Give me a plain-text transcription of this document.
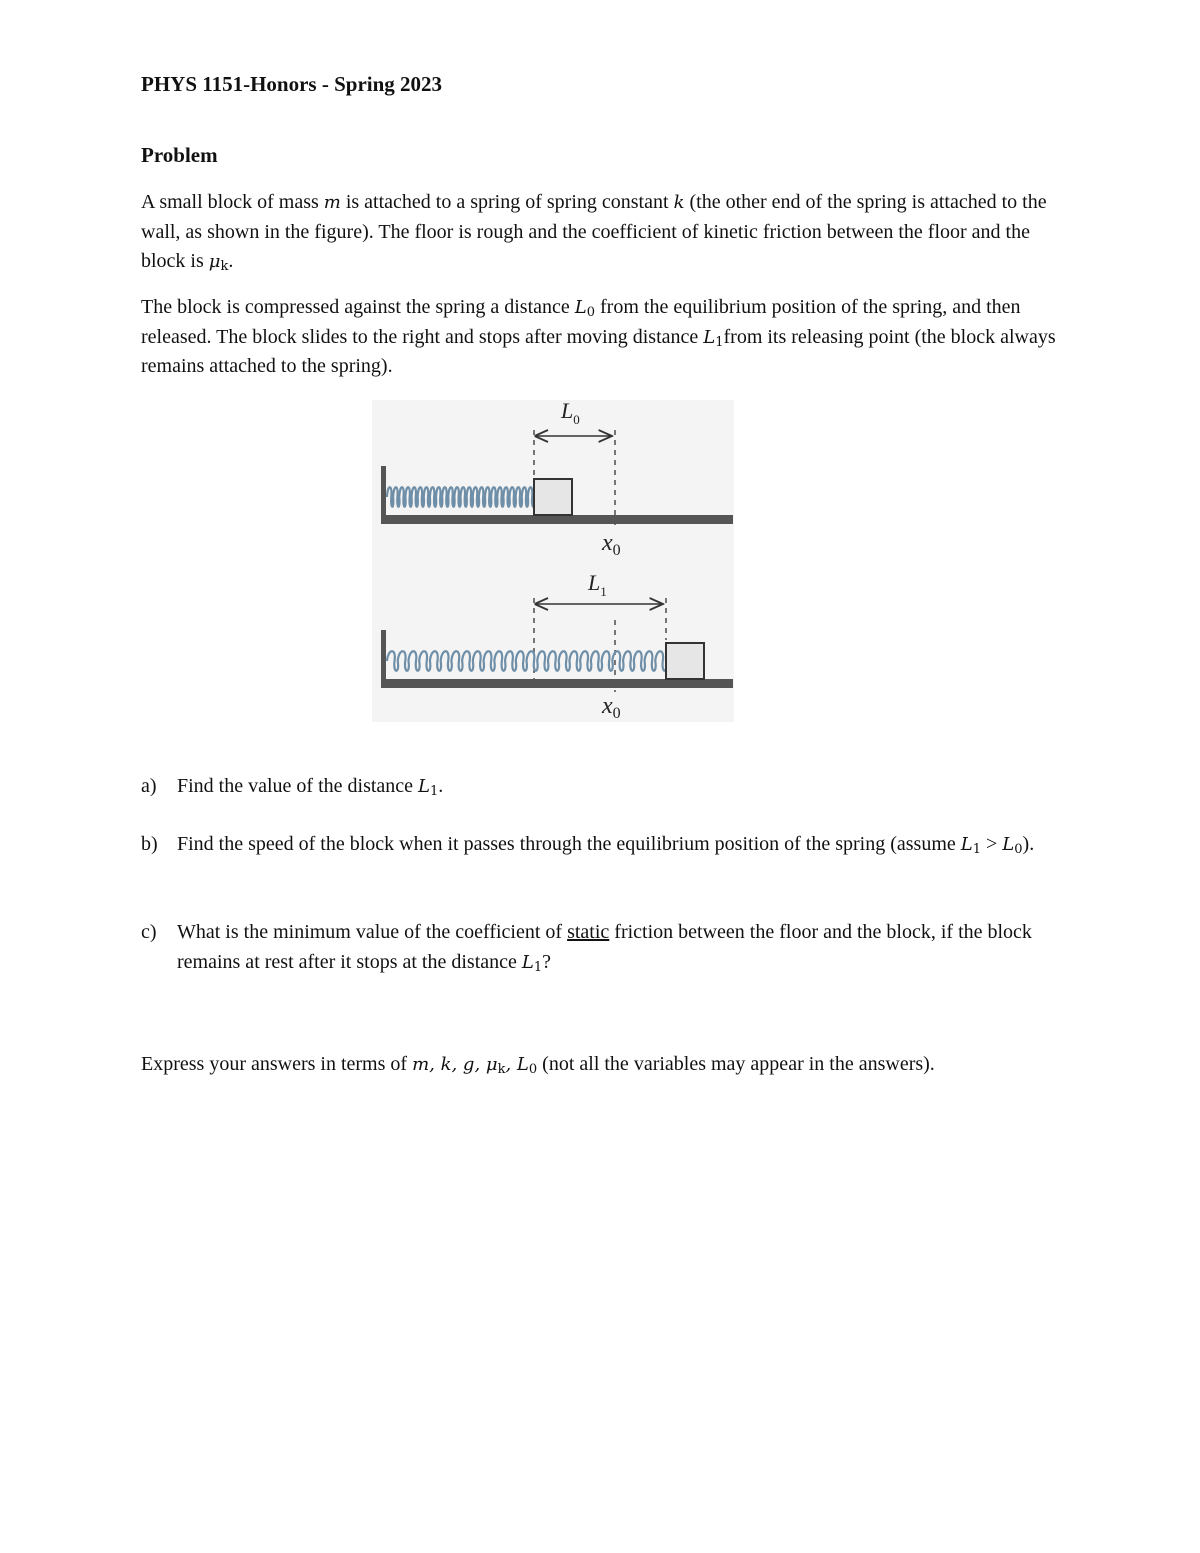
PHYS 1151-Honors - Spring 2023
Problem

A small block of mass m is attached to a spring of spring constant k (the other end of the spring is attached to the wall, as shown in the figure). The floor is rough and the coefficient of kinetic friction between the floor and the block is $\mu_k$.

The block is compressed against the spring a distance $L_0$ from the equilibrium position of the spring, and then released. The block slides to the right and stops after moving distance $L_1from$ its releasing point (the block always remains attached to the spring).

$L_0$
$x_0$
$L_1$
$x_0$
a) Find the value of the distance $L_1$.
b) Find the speed of the block when it passes through the equilibrium position of the spring (assume $L_1 > L_0$).
c) What is the minimum value of the coefficient of static friction between the floor and the block, if the block remains at rest after it stops at the distance $L_1$?

Express your answers in terms of m, k, g, $\mu_k$, $L_0$ (not all the variables may appear in the answers).
